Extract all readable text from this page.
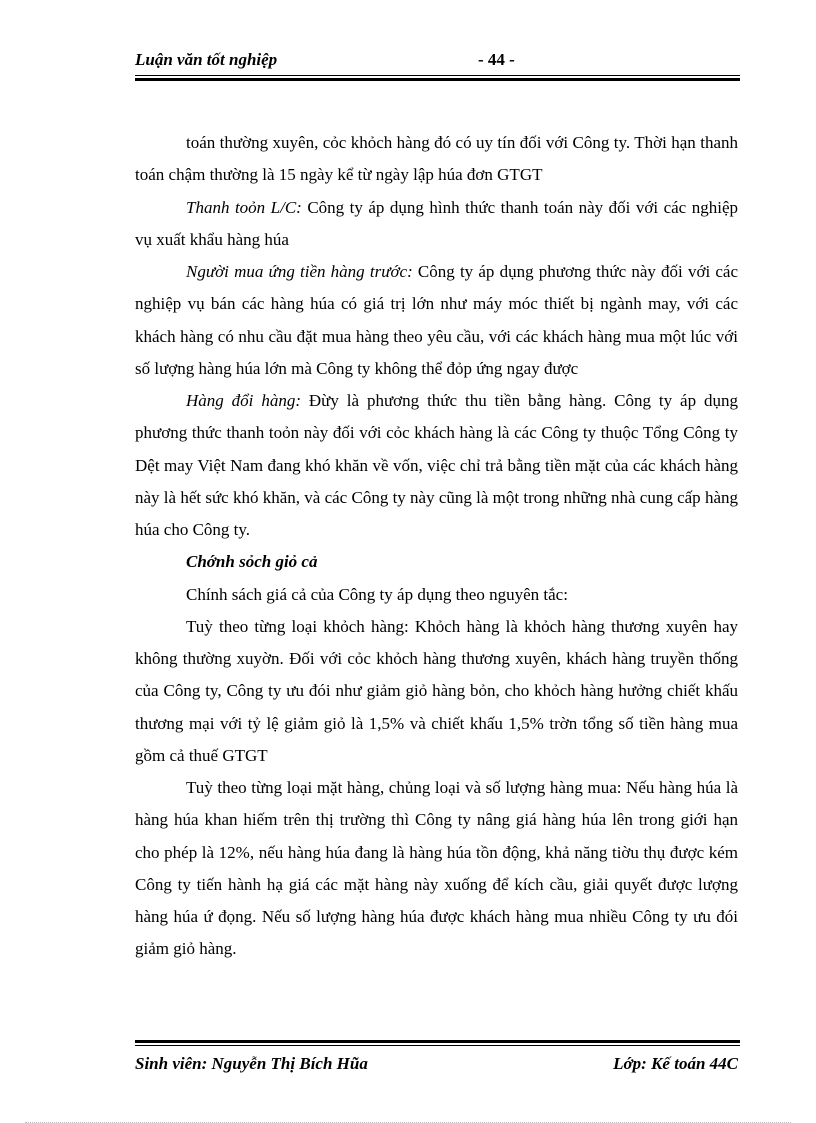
Luận văn tốt nghiệp	- 44 -

toán thường xuyên, cỏc khỏch hàng đó có uy tín đối với Công ty. Thời hạn thanh toán chậm thường là 15 ngày kể từ ngày lập húa đơn GTGT

Thanh toỏn L/C: Công ty áp dụng hình thức thanh toán này đối với các nghiệp vụ xuất khẩu hàng húa

Người mua ứng tiền hàng trước: Công ty áp dụng phương thức này đối với các nghiệp vụ bán các hàng húa có giá trị lớn như máy móc thiết bị ngành may, với các khách hàng có nhu cầu đặt mua hàng theo yêu cầu, với các khách hàng mua một lúc với số lượng hàng húa lớn mà Công ty không thể đỏp ứng ngay được

Hàng đổi hàng: Đừy là phương thức thu tiền bằng hàng. Công ty áp dụng phương thức thanh toỏn này đối với cỏc khách hàng là các Công ty thuộc Tổng Công ty Dệt may Việt Nam đang khó khăn về vốn, việc chỉ trả bằng tiền mặt của các khách hàng này là hết sức khó khăn, và các Công ty này cũng là một trong những nhà cung cấp hàng húa cho Công ty.

Chớnh sỏch giỏ cả

Chính sách giá cả của Công ty áp dụng theo nguyên tắc:

Tuỳ theo từng loại khỏch hàng: Khỏch hàng là khỏch hàng thương xuyên hay không thường xuyờn. Đối với cỏc khỏch hàng thương xuyên, khách hàng truyền thống của Công ty, Công ty ưu đói như giảm giỏ hàng bỏn, cho khỏch hàng hưởng chiết khấu thương mại với tỷ lệ giảm giỏ là 1,5% và chiết khấu 1,5% trờn tổng số tiền hàng mua gồm cả thuế GTGT

Tuỳ theo từng loại mặt hàng, chủng loại và số lượng hàng mua: Nếu hàng húa là hàng húa khan hiếm trên thị trường thì Công ty nâng giá hàng húa lên trong giới hạn cho phép là 12%, nếu hàng húa đang là hàng húa tồn động, khả năng tiờu thụ được kém Công ty tiến hành hạ giá các mặt hàng này xuống để kích cầu, giải quyết được lượng hàng húa ứ đọng. Nếu số lượng hàng húa được khách hàng mua nhiều Công ty ưu đói giảm giỏ hàng.

Sinh viên: Nguyễn Thị Bích Hũa	Lớp: Kế toán 44C
